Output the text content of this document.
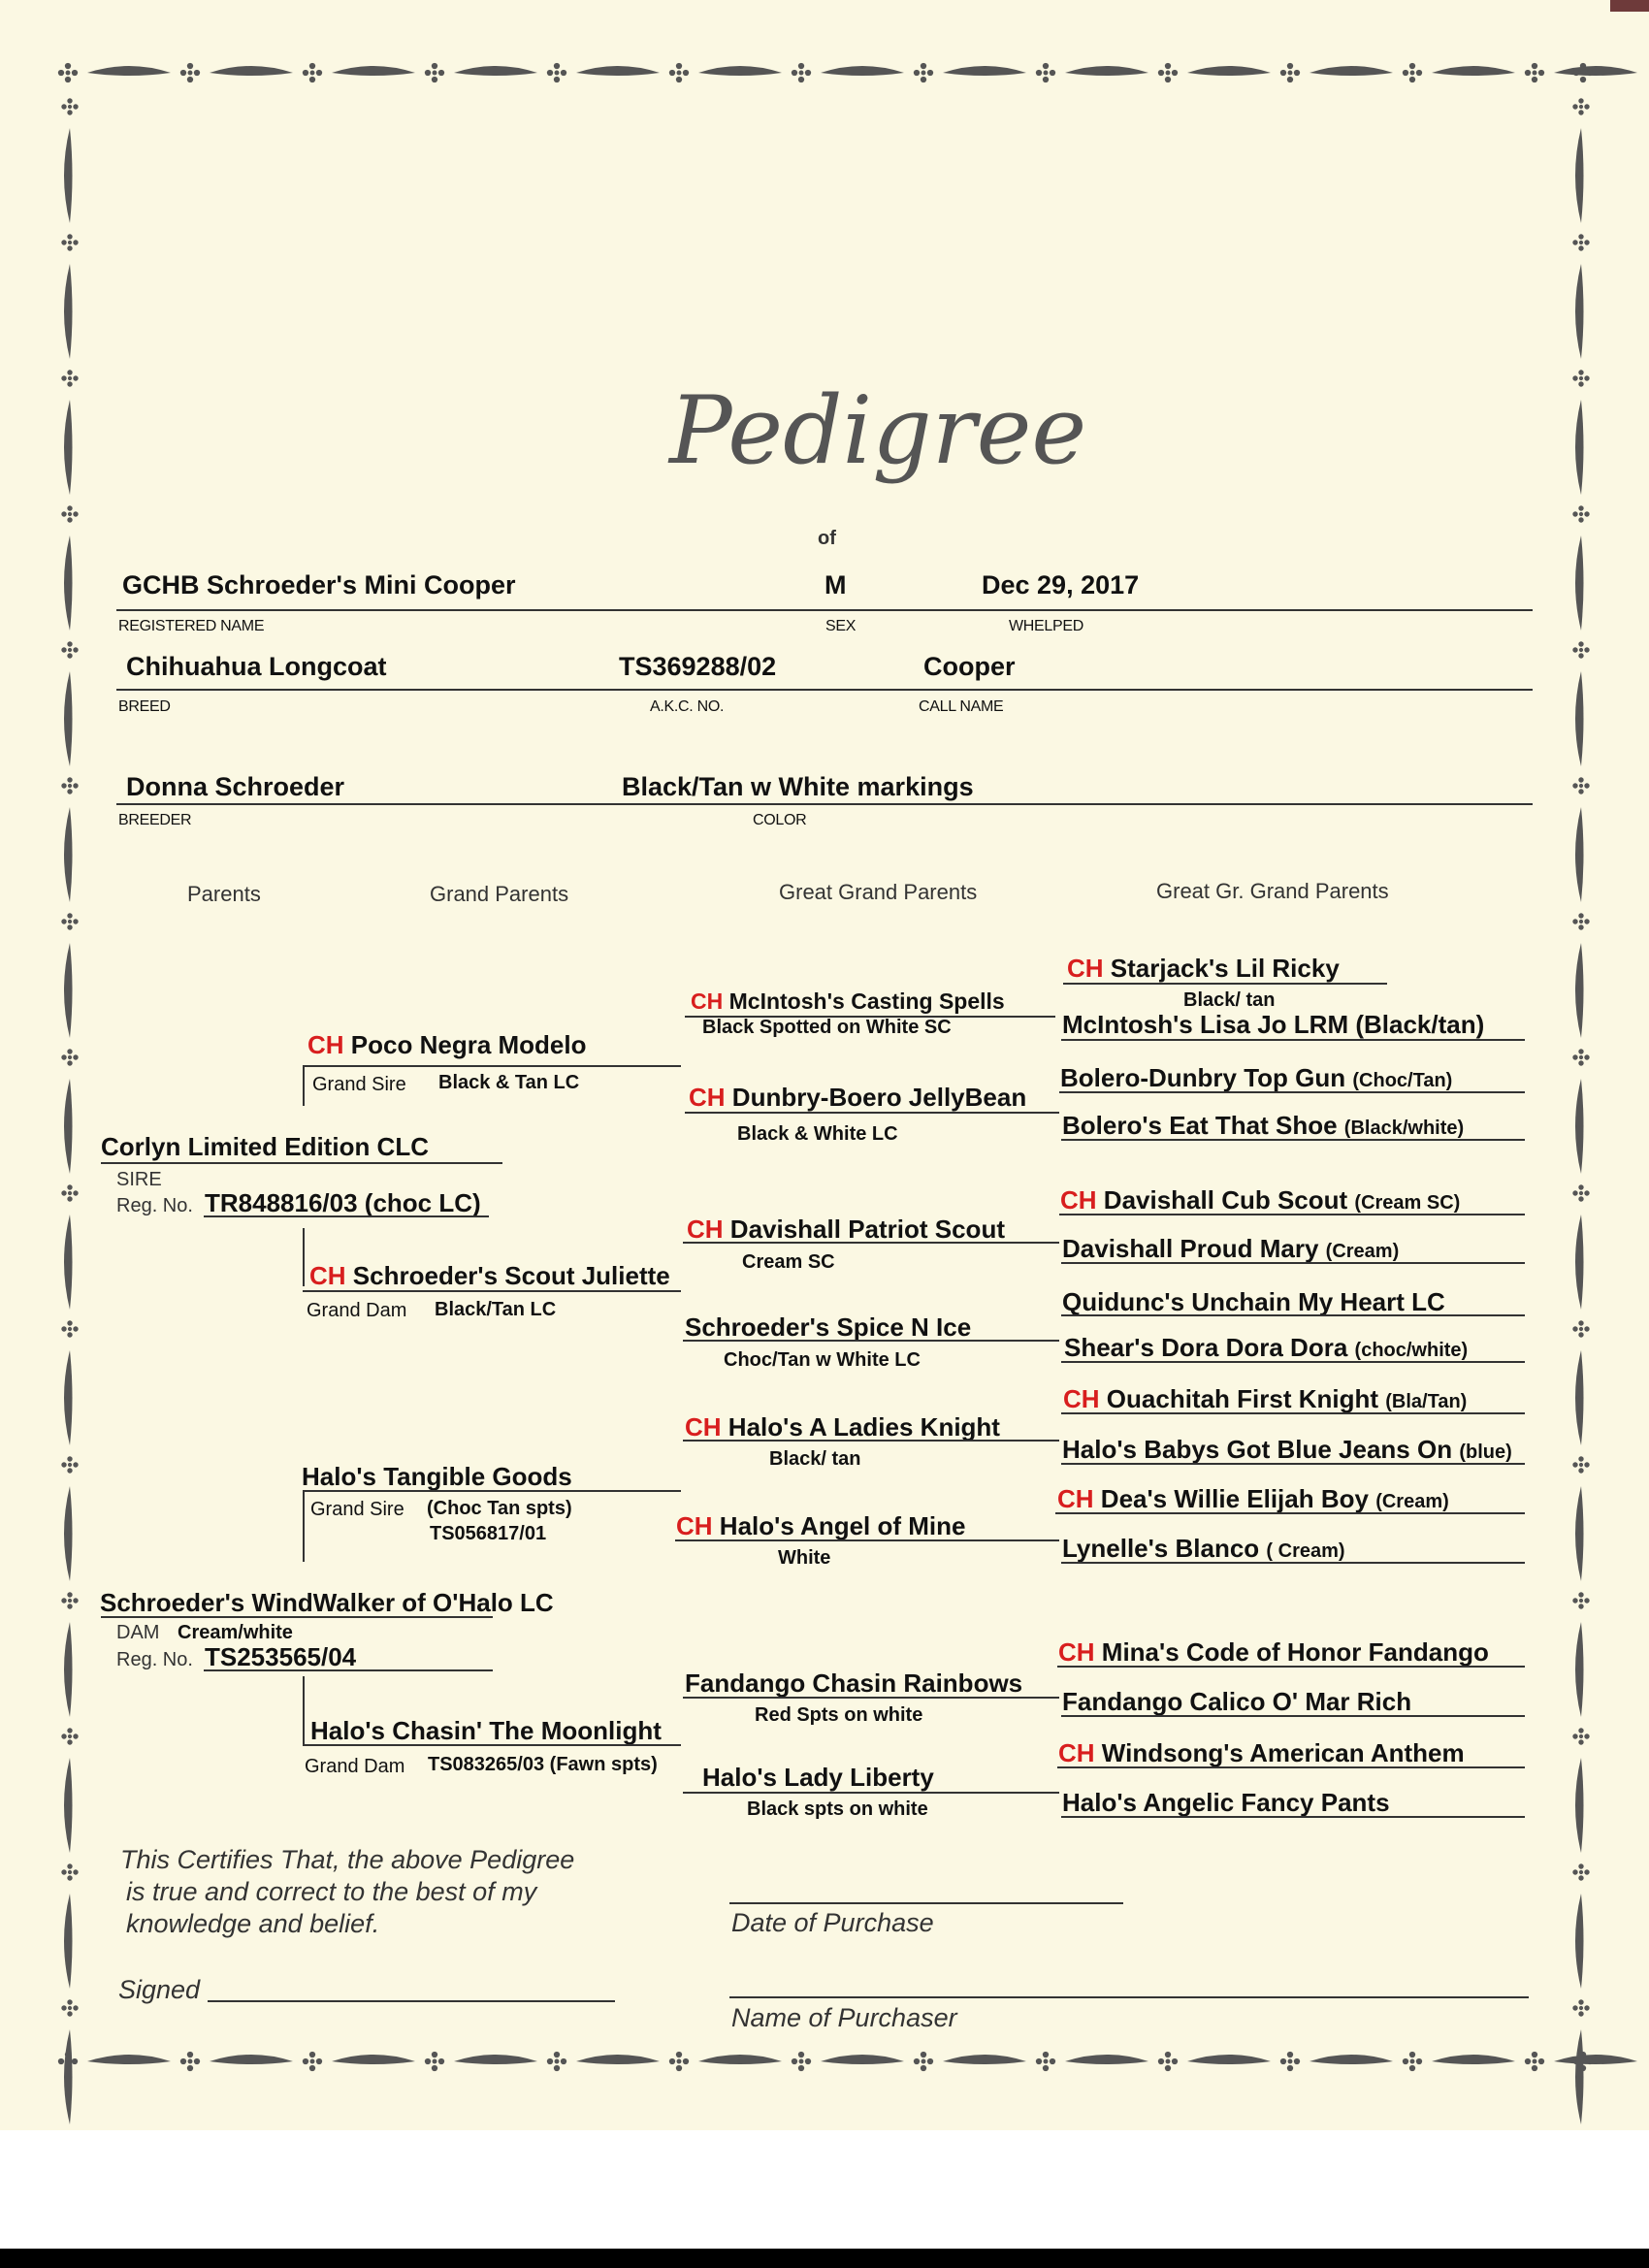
Pedigree
of
GCHB Schroeder's Mini Cooper	M	Dec 29, 2017
REGISTERED NAME	SEX	WHELPED
Chihuahua Longcoat	TS369288/02	Cooper
BREED	A.K.C. NO.	CALL NAME
Donna Schroeder	Black/Tan w White markings
BREEDER	COLOR
Parents	Grand Parents	Great Grand Parents	Great Gr. Grand Parents
CH Starjack's Lil Ricky
Black/ tan
McIntosh's Lisa Jo LRM (Black/tan)
Bolero-Dunbry Top Gun (Choc/Tan)
Bolero's Eat That Shoe (Black/white)
CH Davishall Cub Scout (Cream SC)
Davishall Proud Mary (Cream)
Quidunc's Unchain My Heart LC
Shear's Dora Dora Dora (choc/white)
CH Ouachitah First Knight (Bla/Tan)
Halo's Babys Got Blue Jeans On (blue)
CH Dea's Willie Elijah Boy (Cream)
Lynelle's Blanco ( Cream)
CH Mina's Code of Honor Fandango
Fandango Calico O' Mar Rich
CH Windsong's American Anthem
Halo's Angelic Fancy Pants
CH McIntosh's Casting Spells
Black Spotted on White SC
CH Dunbry-Boero JellyBean
Black & White LC
CH Davishall Patriot Scout
Cream SC
Schroeder's Spice N Ice
Choc/Tan w White LC
CH Halo's A Ladies Knight
Black/ tan
CH Halo's Angel of Mine
White
Fandango Chasin Rainbows
Red Spts on white
Halo's Lady Liberty
Black spts on white
CH Poco Negra Modelo
Grand Sire Black & Tan LC
CH Schroeder's Scout Juliette
Grand Dam Black/Tan LC
Halo's Tangible Goods
Grand Sire (Choc Tan spts)
TS056817/01
Halo's Chasin' The Moonlight
Grand Dam TS083265/03 (Fawn spts)
Corlyn Limited Edition CLC
SIRE
Reg. No. TR848816/03 (choc LC)
Schroeder's WindWalker of O'Halo LC
DAM Cream/white
Reg. No. TS253565/04
This Certifies That, the above Pedigree
is true and correct to the best of my
knowledge and belief.
Signed
Date of Purchase
Name of Purchaser
